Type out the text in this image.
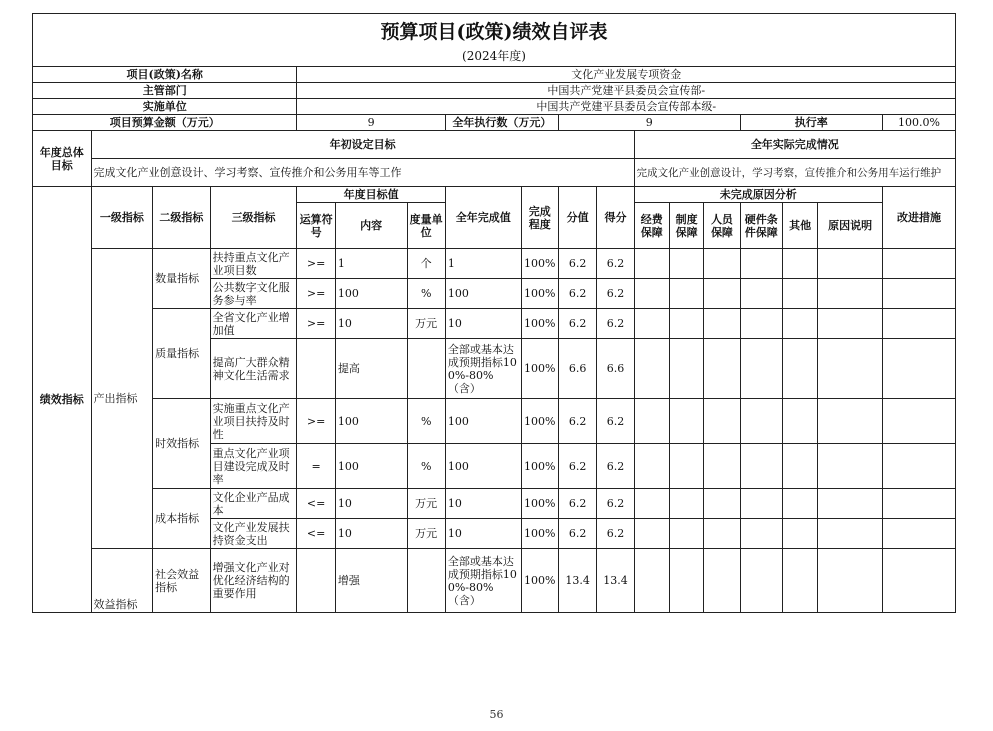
预算项目(政策)绩效自评表																	
(2024年度)																	
项目(政策)名称				文化产业发展专项资金													
主管部门				中国共产党建平县委员会宣传部-													
实施单位				中国共产党建平县委员会宣传部本级-													
项目预算金额（万元）				9			全年执行数（万元）		9					执行率			100.0%
年度总体目标	年初设定目标										全年实际完成情况						
	完成文化产业创意设计、学习考察、宣传推介和公务用车等工作										完成文化产业创意设计，学习考察，宣传推介和公务用车运行维护						
绩效指标	一级指标	二级指标	三级指标	年度目标值			全年完成值	完成程度	分值	得分	未完成原因分析						改进措施
				运算符号	内容	度量单位					经费保障	制度保障	人员保障	硬件条件保障	其他	原因说明	
	产出指标	数量指标	扶持重点文化产业项目数	>=	1	个	1	100%	6.2	6.2							
			公共数字文化服务参与率	>=	100	%	100	100%	6.2	6.2							
		质量指标	全省文化产业增加值	>=	10	万元	10	100%	6.2	6.2							
			提高广大群众精神文化生活需求		提高		全部或基本达成预期指标100%-80%（含）	100%	6.6	6.6							
		时效指标	实施重点文化产业项目扶持及时性	>=	100	%	100	100%	6.2	6.2							
			重点文化产业项目建设完成及时率	=	100	%	100	100%	6.2	6.2							
		成本指标	文化企业产品成本	<=	10	万元	10	100%	6.2	6.2							
			文化产业发展扶持资金支出	<=	10	万元	10	100%	6.2	6.2							
	效益指标	社会效益指标	增强文化产业对优化经济结构的重要作用		增强		全部或基本达成预期指标100%-80%（含）	100%	13.4	13.4							
56
